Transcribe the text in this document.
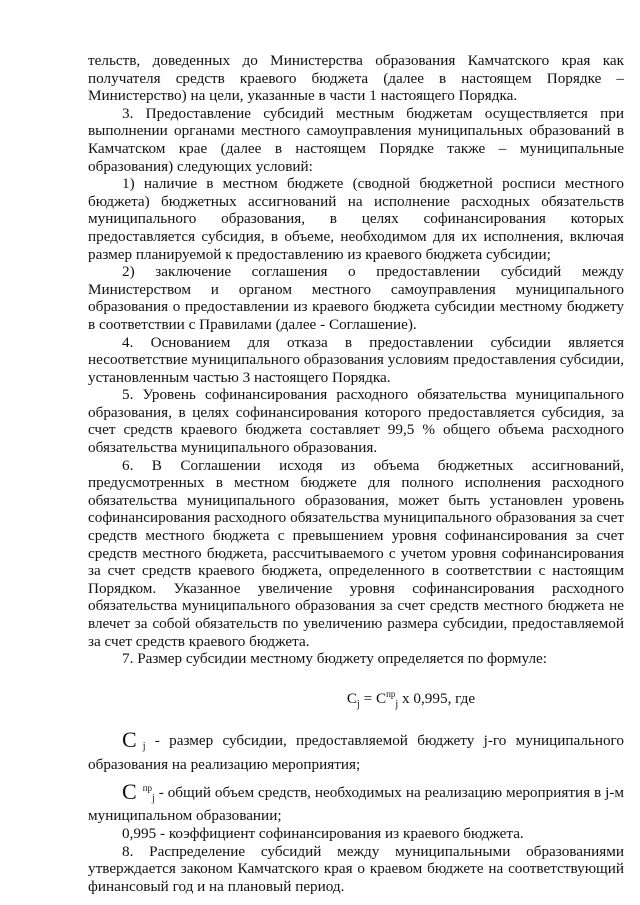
тельств, доведенных до Министерства образования Камчатского края как получателя средств краевого бюджета (далее в настоящем Порядке – Министерство) на цели, указанные в части 1 настоящего Порядка.

3. Предоставление субсидий местным бюджетам осуществляется при выполнении органами местного самоуправления муниципальных образований в Камчатском крае (далее в настоящем Порядке также – муниципальные образования) следующих условий:

1) наличие в местном бюджете (сводной бюджетной росписи местного бюджета) бюджетных ассигнований на исполнение расходных обязательств муниципального образования, в целях софинансирования которых предоставляется субсидия, в объеме, необходимом для их исполнения, включая размер планируемой к предоставлению из краевого бюджета субсидии;

2) заключение соглашения о предоставлении субсидий между Министерством и органом местного самоуправления муниципального образования о предоставлении из краевого бюджета субсидии местному бюджету в соответствии с Правилами (далее - Соглашение).

4. Основанием для отказа в предоставлении субсидии является несоответствие муниципального образования условиям предоставления субсидии, установленным частью 3 настоящего Порядка.

5. Уровень софинансирования расходного обязательства муниципального образования, в целях софинансирования которого предоставляется субсидия, за счет средств краевого бюджета составляет 99,5 % общего объема расходного обязательства муниципального образования.

6. В Соглашении исходя из объема бюджетных ассигнований, предусмотренных в местном бюджете для полного исполнения расходного обязательства муниципального образования, может быть установлен уровень софинансирования расходного обязательства муниципального образования за счет средств местного бюджета с превышением уровня софинансирования за счет средств местного бюджета, рассчитываемого с учетом уровня софинансирования за счет средств краевого бюджета, определенного в соответствии с настоящим Порядком. Указанное увеличение уровня софинансирования расходного обязательства муниципального образования за счет средств местного бюджета не влечет за собой обязательств по увеличению размера субсидии, предоставляемой за счет средств краевого бюджета.

7. Размер субсидии местному бюджету определяется по формуле:

$C_j = C^{пр}_j$ x 0,995, где

C $_j$ - размер субсидии, предоставляемой бюджету j-го муниципального образования на реализацию мероприятия;

C $^{пр}_j$ - общий объем средств, необходимых на реализацию мероприятия в j-м муниципальном образовании;

0,995 - коэффициент софинансирования из краевого бюджета.

8. Распределение субсидий между муниципальными образованиями утверждается законом Камчатского края о краевом бюджете на соответствующий финансовый год и на плановый период.
